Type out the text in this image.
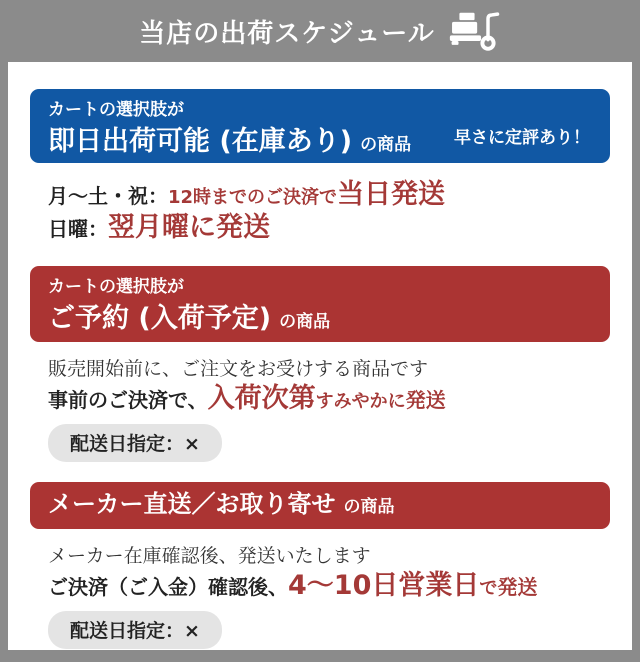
当店の出荷スケジュール
カートの選択肢が
即日出荷可能 (在庫あり) の商品	早さに定評あり！
月〜土・祝：12時までのご決済で当日発送
日曜：翌月曜に発送
カートの選択肢が
ご予約 (入荷予定) の商品
販売開始前に、ご注文をお受けする商品です
事前のご決済で、入荷次第すみやかに発送
配送日指定：×
メーカー直送／お取り寄せ の商品
メーカー在庫確認後、発送いたします
ご決済（ご入金）確認後、4〜10日営業日で発送
配送日指定：×
